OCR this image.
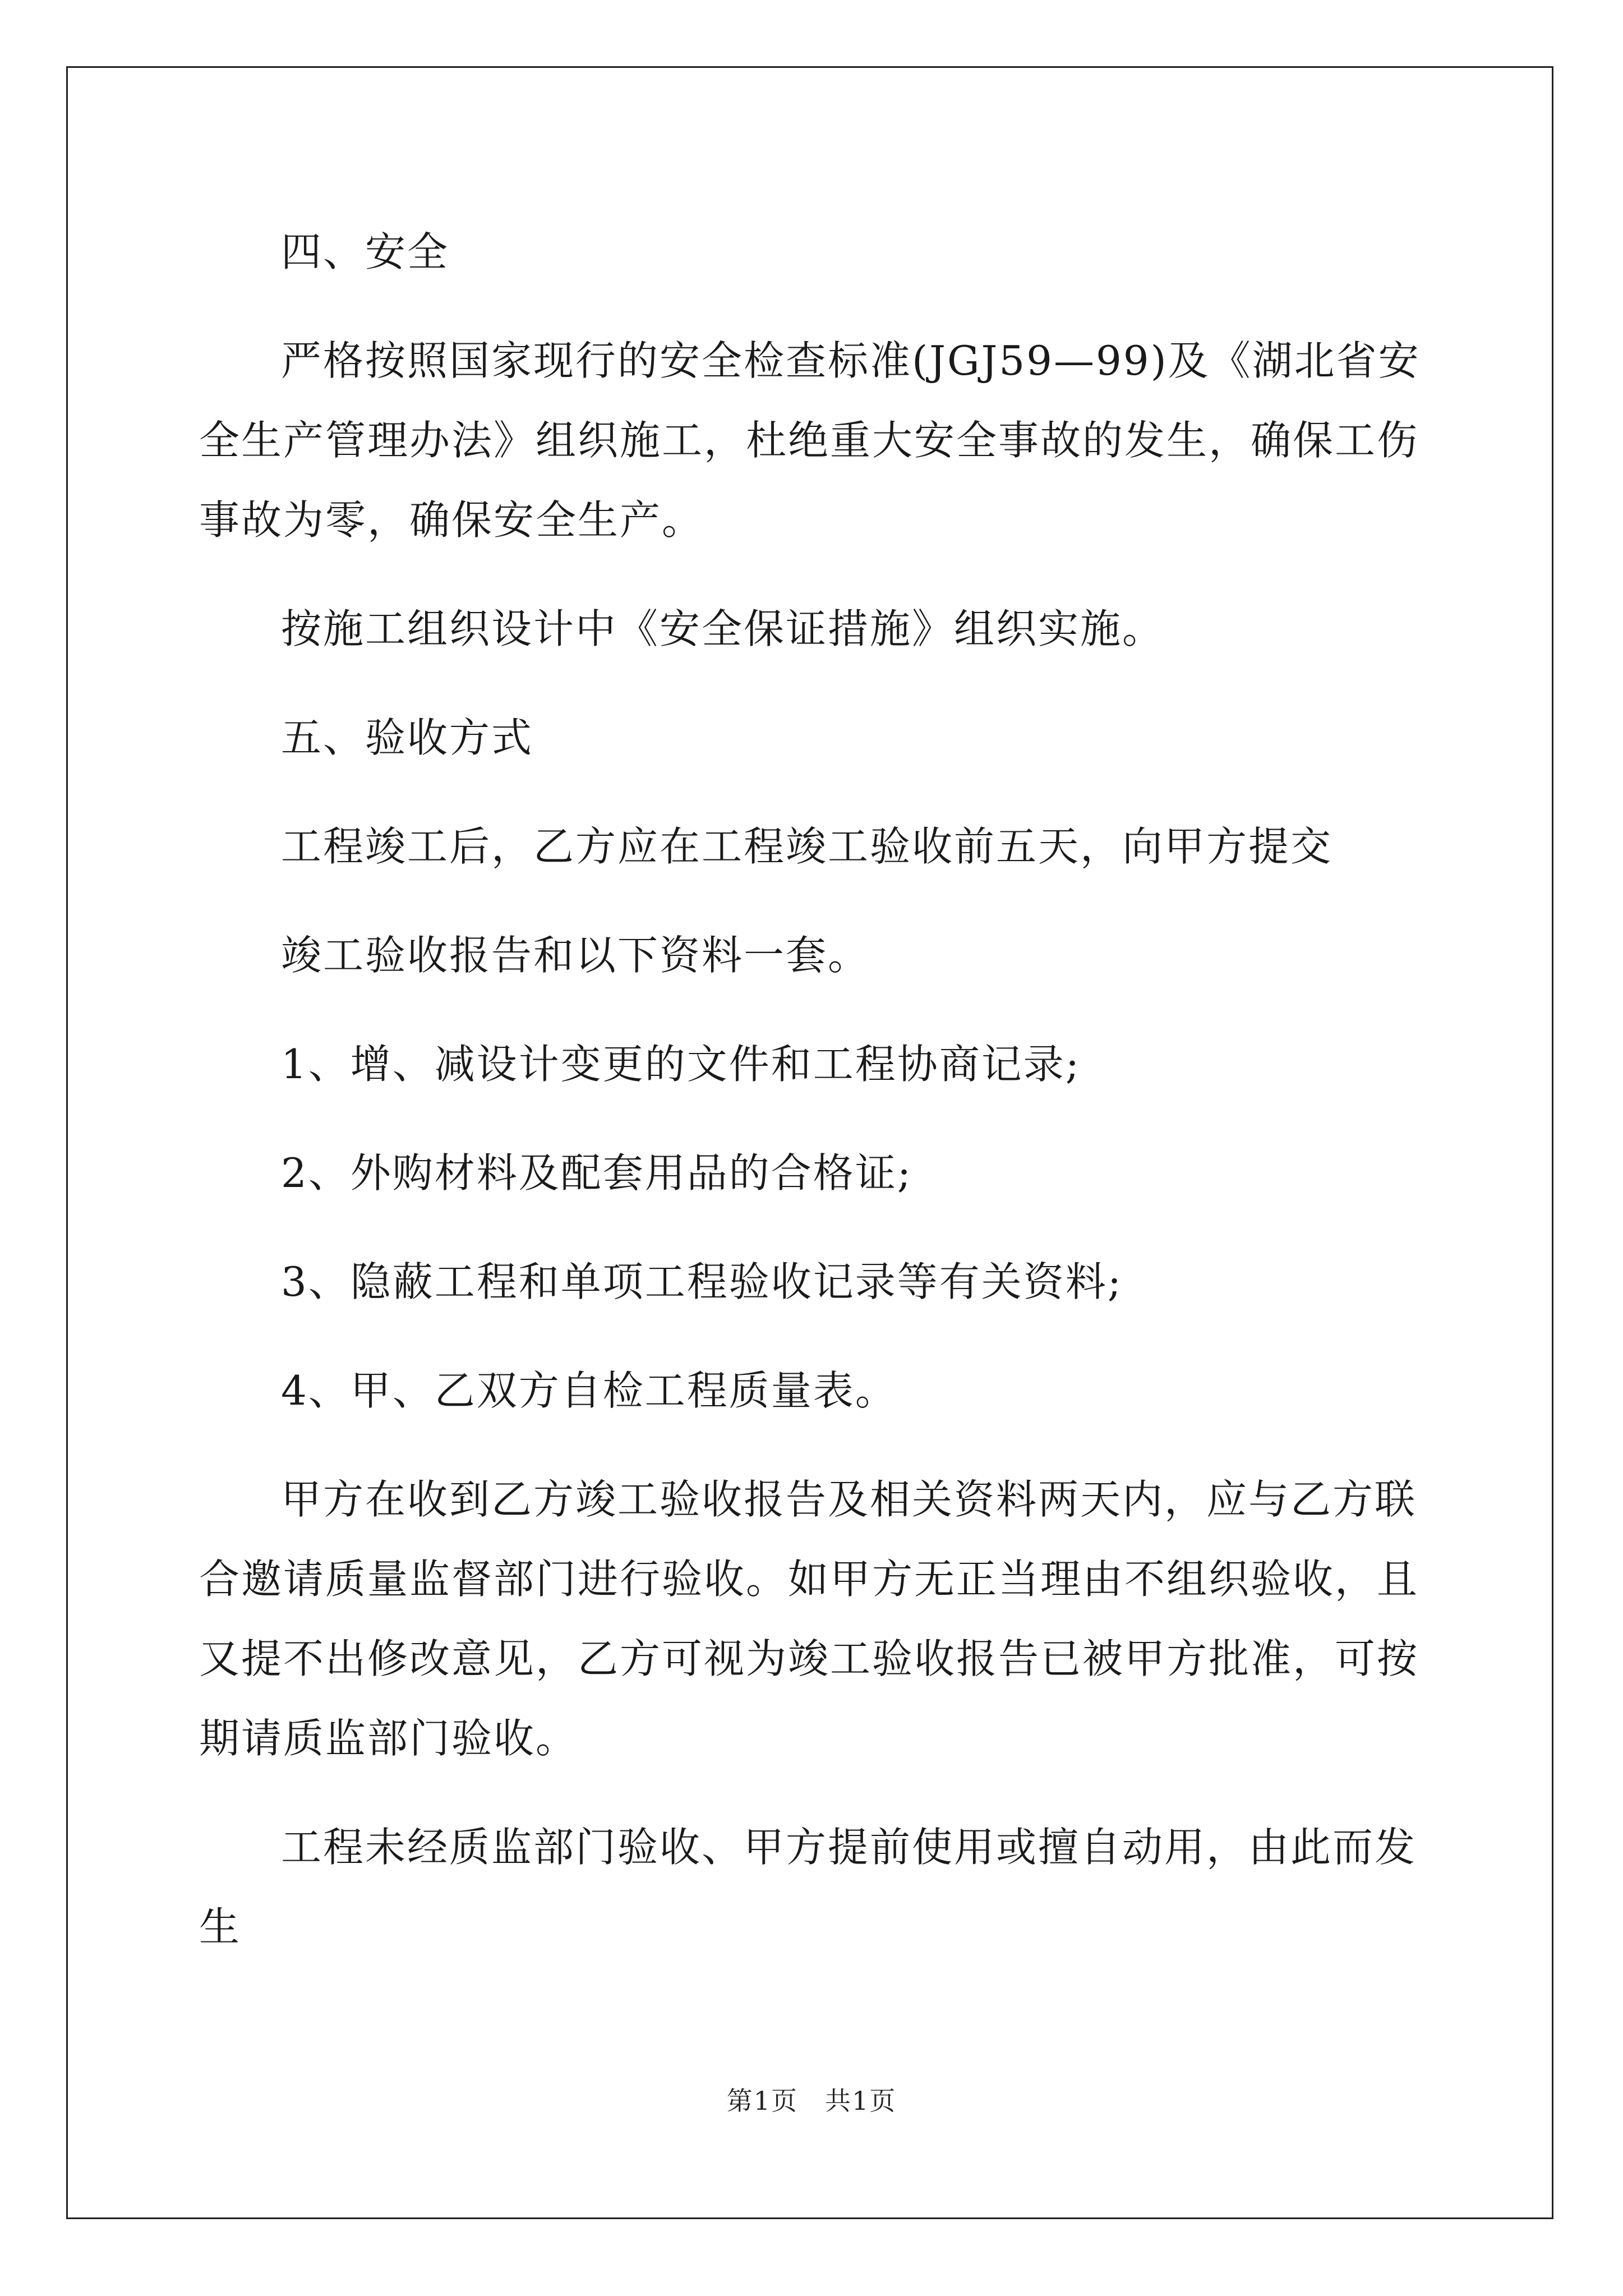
四、安全

严格按照国家现行的安全检查标准(JGJ59—99)及《湖北省安全生产管理办法》组织施工，杜绝重大安全事故的发生，确保工伤事故为零，确保安全生产。

按施工组织设计中《安全保证措施》组织实施。

五、验收方式

工程竣工后，乙方应在工程竣工验收前五天，向甲方提交

竣工验收报告和以下资料一套。

1、增、减设计变更的文件和工程协商记录;

2、外购材料及配套用品的合格证;

3、隐蔽工程和单项工程验收记录等有关资料;

4、甲、乙双方自检工程质量表。

甲方在收到乙方竣工验收报告及相关资料两天内，应与乙方联合邀请质量监督部门进行验收。如甲方无正当理由不组织验收，且又提不出修改意见，乙方可视为竣工验收报告已被甲方批准，可按期请质监部门验收。

工程未经质监部门验收、甲方提前使用或擅自动用，由此而发生

第1页　共1页
